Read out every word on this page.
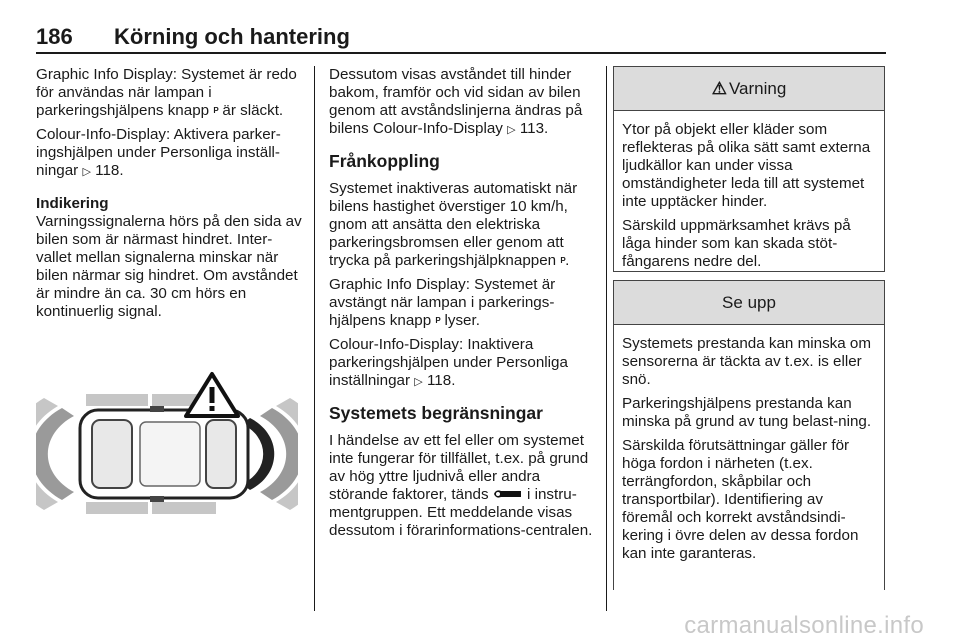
186 Körning och hantering

Graphic Info Display: Systemet är redo för användas när lampan i parkeringshjälpens knapp P är släckt.

Colour-Info-Display: Aktivera parker-ingshjälpen under Personliga inställ-ningar ▷ 118.

Indikering

Varningssignalerna hörs på den sida av bilen som är närmast hindret. Inter-vallet mellan signalerna minskar när bilen närmar sig hindret. Om avståndet är mindre än ca. 30 cm hörs en kontinuerlig signal.

Dessutom visas avståndet till hinder bakom, framför och vid sidan av bilen genom att avståndslinjerna ändras på bilens Colour-Info-Display ▷ 113.

Frånkoppling

Systemet inaktiveras automatiskt när bilens hastighet överstiger 10 km/h, gnom att ansätta den elektriska parkeringsbromsen eller genom att trycka på parkeringshjälpknappen P.

Graphic Info Display: Systemet är avstängt när lampan i parkerings-hjälpens knapp P lyser.

Colour-Info-Display: Inaktivera parkeringshjälpen under Personliga inställningar ▷ 118.

Systemets begränsningar

I händelse av ett fel eller om systemet inte fungerar för tillfället, t.ex. på grund av hög yttre ljudnivå eller andra störande faktorer, tänds  i instru-mentgruppen. Ett meddelande visas dessutom i förarinformations-centralen.

⚠ Varning

Ytor på objekt eller kläder som reflekteras på olika sätt samt externa ljudkällor kan under vissa omständigheter leda till att systemet inte upptäcker hinder.

Särskild uppmärksamhet krävs på låga hinder som kan skada stöt-fångarens nedre del.

Se upp

Systemets prestanda kan minska om sensorerna är täckta av t.ex. is eller snö.

Parkeringshjälpens prestanda kan minska på grund av tung belast-ning.

Särskilda förutsättningar gäller för höga fordon i närheten (t.ex. terrängfordon, skåpbilar och transportbilar). Identifiering av föremål och korrekt avståndsindi-kering i övre delen av dessa fordon kan inte garanteras.

carmanualsonline.info
